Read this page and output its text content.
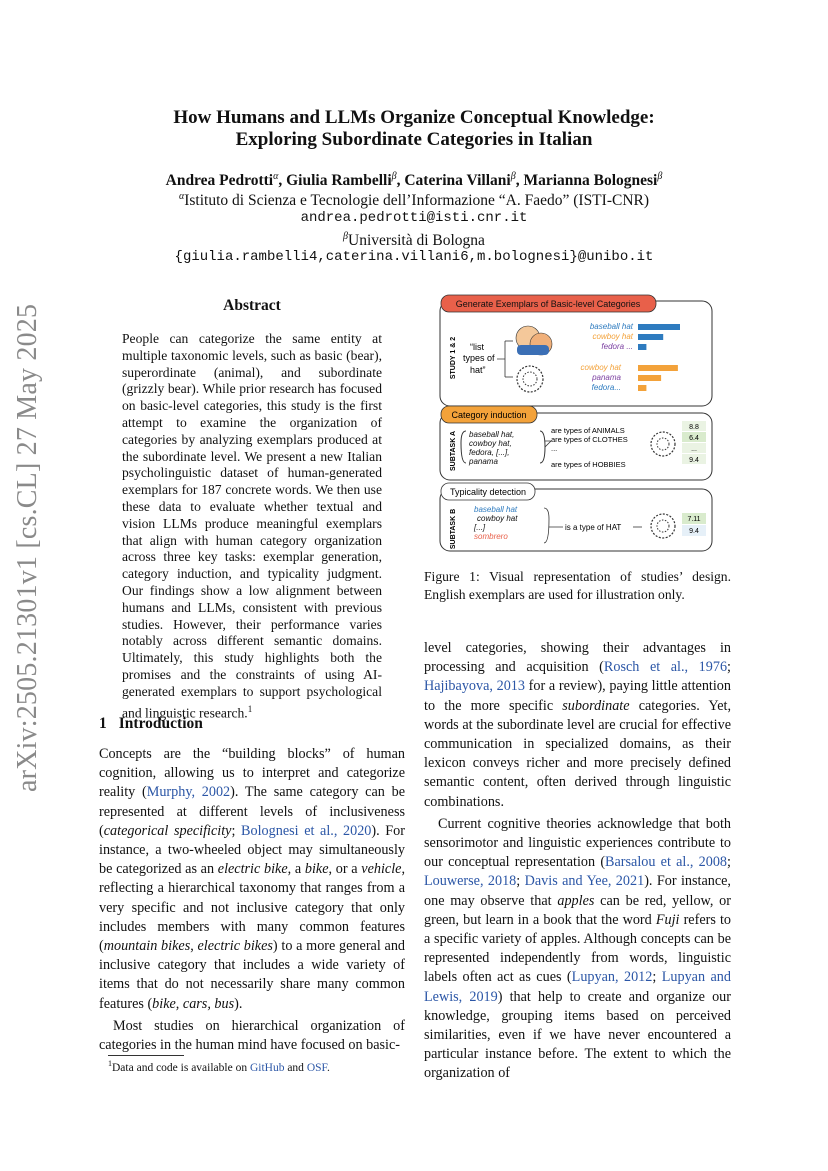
arXiv:2505.21301v1 [cs.CL] 27 May 2025
How Humans and LLMs Organize Conceptual Knowledge:
Exploring Subordinate Categories in Italian
Andrea Pedrotti$^\alpha$, Giulia Rambelli$^\beta$, Caterina Villani$^\beta$, Marianna Bolognesi$^\beta$
$^\alpha$Istituto di Scienza e Tecnologie dell’Informazione “A. Faedo” (ISTI-CNR)
andrea.pedrotti@isti.cnr.it
$^\beta$Università di Bologna
{giulia.rambelli4,caterina.villani6,m.bolognesi}@unibo.it
Abstract
People can categorize the same entity at multiple taxonomic levels, such as basic (bear), superordinate (animal), and subordinate (grizzly bear). While prior research has focused on basic-level categories, this study is the first attempt to examine the organization of categories by analyzing exemplars produced at the subordinate level. We present a new Italian psycholinguistic dataset of human-generated exemplars for 187 concrete words. We then use these data to evaluate whether textual and vision LLMs produce meaningful exemplars that align with human category organization across three key tasks: exemplar generation, category induction, and typicality judgment. Our findings show a low alignment between humans and LLMs, consistent with previous studies. However, their performance varies notably across different semantic domains. Ultimately, this study highlights both the promises and the constraints of using AI-generated exemplars to support psychological and linguistic research.$^1$
1 Introduction

Concepts are the “building blocks” of human cognition, allowing us to interpret and categorize reality (Murphy, 2002). The same category can be represented at different levels of inclusiveness (categorical specificity; Bolognesi et al., 2020). For instance, a two-wheeled object may simultaneously be categorized as an electric bike, a bike, or a vehicle, reflecting a hierarchical taxonomy that ranges from a very specific and not inclusive category that only includes members with many common features (mountain bikes, electric bikes) to a more general and inclusive category that includes a wide variety of items that do not necessarily share many common features (bike, cars, bus).

Most studies on hierarchical organization of categories in the human mind have focused on basic-

$^1$Data and code is available on GitHub and OSF.
Generate Exemplars of Basic-level Categories
STUDY 1 & 2 “list
types of
hat”
baseball hat
cowboy hat
fedora ...
cowboy hat
panama
fedora...
Category induction
SUBTASK A baseball hat,
cowboy hat,
fedora, [...],
panama
are types of ANIMALS
are types of CLOTHES
...
are types of HOBBIES
8.8
6.4
...
9.4
Typicality detection
SUBTASK B baseball hat
cowboy hat
[...]
sombrero
is a type of HAT
7.11
9.4
Figure 1: Visual representation of studies’ design. English exemplars are used for illustration only.

level categories, showing their advantages in processing and acquisition (Rosch et al., 1976; Hajibayova, 2013 for a review), paying little attention to the more specific subordinate categories. Yet, words at the subordinate level are crucial for effective communication in specialized domains, as their lexicon conveys richer and more precisely defined semantic content, often derived through linguistic combinations.

Current cognitive theories acknowledge that both sensorimotor and linguistic experiences contribute to our conceptual representation (Barsalou et al., 2008; Louwerse, 2018; Davis and Yee, 2021). For instance, one may observe that apples can be red, yellow, or green, but learn in a book that the word Fuji refers to a specific variety of apples. Although concepts can be represented independently from words, linguistic labels often act as cues (Lupyan, 2012; Lupyan and Lewis, 2019) that help to create and organize our knowledge, grouping items based on perceived similarities, even if we have never encountered a particular instance before. The extent to which the organization of
